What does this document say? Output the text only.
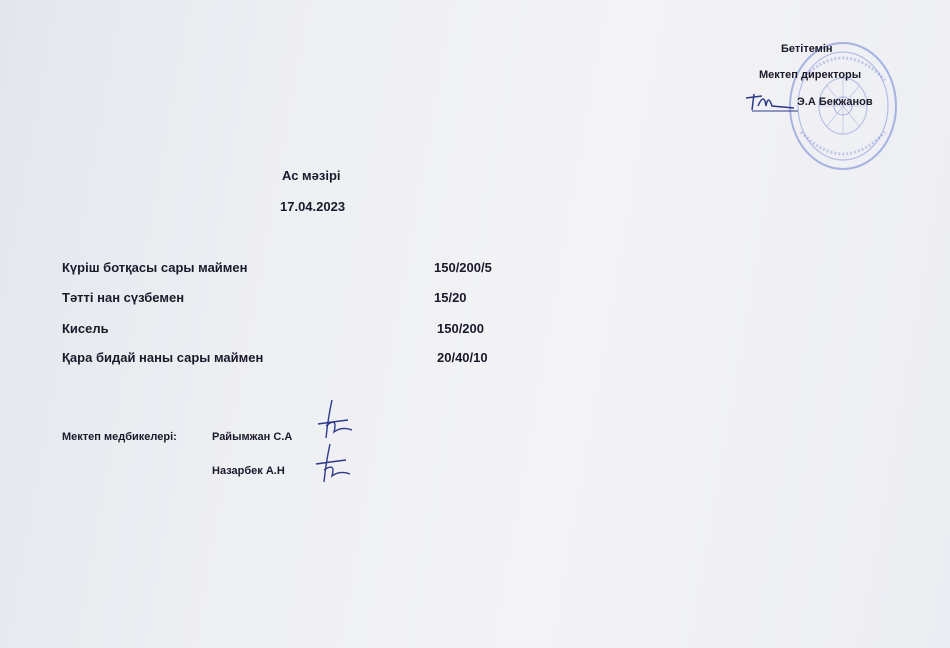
Бетітемін
Мектеп директоры
Э.А Бекжанов
Ас мәзірі
17.04.2023
Күріш ботқасы сары маймен	150/200/5
Тәтті нан сүзбемен	15/20
Кисель	150/200
Қара бидай наны сары маймен	20/40/10
Мектеп медбикелері:	Райымжан С.А
Назарбек А.Н
